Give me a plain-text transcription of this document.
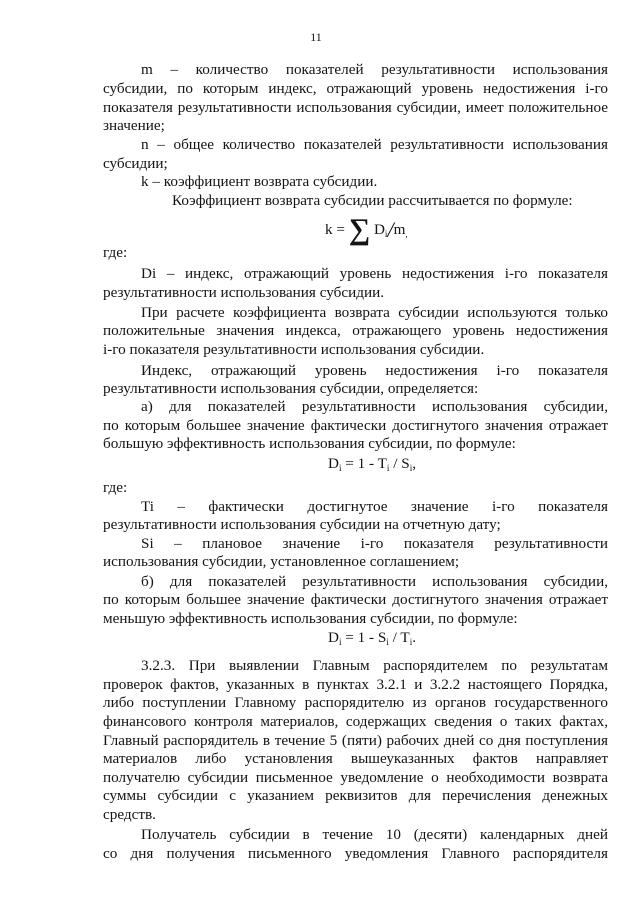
11
m – количество показателей результативности использования
субсидии, по которым индекс, отражающий уровень недостижения i-го
показателя результативности использования субсидии, имеет положительное
значение;
n – общее количество показателей результативности использования
субсидии;
k – коэффициент возврата субсидии.
Коэффициент возврата субсидии рассчитывается по формуле:
k = ∑ $D_i/m_,$
где:
Di – индекс, отражающий уровень недостижения i-го показателя
результативности использования субсидии.
При расчете коэффициента возврата субсидии используются только
положительные значения индекса, отражающего уровень недостижения
i-го показателя результативности использования субсидии.
Индекс, отражающий уровень недостижения i-го показателя
результативности использования субсидии, определяется:
а) для показателей результативности использования субсидии,
по которым большее значение фактически достигнутого значения отражает
большую эффективность использования субсидии, по формуле:
$D_i = 1 - T_i / S_i$,
где:
Ti – фактически достигнутое значение i-го показателя
результативности использования субсидии на отчетную дату;
Si – плановое значение i-го показателя результативности
использования субсидии, установленное соглашением;
б) для показателей результативности использования субсидии,
по которым большее значение фактически достигнутого значения отражает
меньшую эффективность использования субсидии, по формуле:
$D_i = 1 - S_i / T_i$.
3.2.3. При выявлении Главным распорядителем по результатам
проверок фактов, указанных в пунктах 3.2.1 и 3.2.2 настоящего Порядка,
либо поступлении Главному распорядителю из органов государственного
финансового контроля материалов, содержащих сведения о таких фактах,
Главный распорядитель в течение 5 (пяти) рабочих дней со дня поступления
материалов либо установления вышеуказанных фактов направляет
получателю субсидии письменное уведомление о необходимости возврата
суммы субсидии с указанием реквизитов для перечисления денежных
средств.
Получатель субсидии в течение 10 (десяти) календарных дней
со дня получения письменного уведомления Главного распорядителя
